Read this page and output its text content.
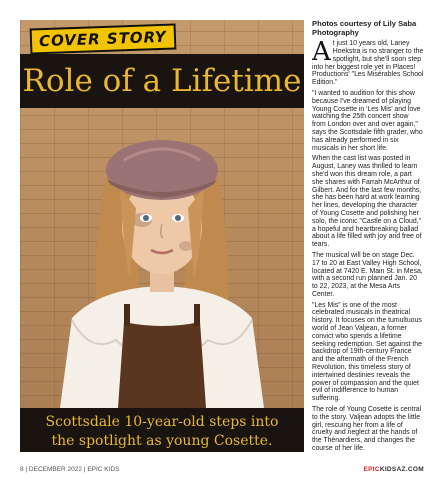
COVER STORY
Role of a Lifetime
Scottsdale 10-year-old steps into
the spotlight as young Cosette.

Photos courtesy of Lily Saba Photography

At just 10 years old, Laney Hoekstra is no stranger to the spotlight, but she'll soon step into her biggest role yet in Places! Productions' "Les Misérables School Edition."

"I wanted to audition for this show because I've dreamed of playing Young Cosette in 'Les Mis' and love watching the 25th concert show from London over and over again," says the Scottsdale fifth grader, who has already performed in six musicals in her short life.

When the cast list was posted in August, Laney was thrilled to learn she'd won this dream role, a part she shares with Farrah McArthur of Gilbert. And for the last few months, she has been hard at work learning her lines, developing the character of Young Cosette and polishing her solo, the iconic "Castle on a Cloud," a hopeful and heartbreaking ballad about a life filled with joy and free of tears.

The musical will be on stage Dec. 17 to 20 at East Valley High School, located at 7420 E. Main St. in Mesa, with a second run planned Jan. 20 to 22, 2023, at the Mesa Arts Center.

"Les Mis" is one of the most celebrated musicals in theatrical history. It focuses on the tumultuous world of Jean Valjean, a former convict who spends a lifetime seeking redemption. Set against the backdrop of 19th-century France and the aftermath of the French Revolution, this timeless story of intertwined destinies reveals the power of compassion and the quiet evil of indifference to human suffering.

The role of Young Cosette is central to the story. Valjean adopts the little girl, rescuing her from a life of cruelty and neglect at the hands of the Thénardiers, and changes the course of her life.

8 | DECEMBER 2022 | EPIC KIDS	EPICKIDSAZ.COM
